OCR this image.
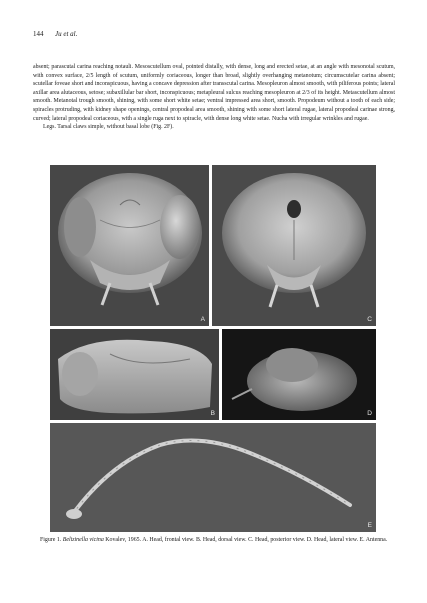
144 Ju et al.

absent; parascutal carina reaching notauli. Mesoscutellum oval, pointed distally, with dense, long and erected setae, at an angle with mesonotal scutum, with convex surface, 2/5 length of scutum, uniformly coriaceous, longer than broad, slightly overhanging metanotum; circumscutelar carina absent; scutellar foveae short and inconspicuous, having a concave depression after transscutal carina. Mesopleuron almost smooth, with piliferous points; lateral axillar area alutaceous, setose; subaxillular bar short, inconspicuous; metapleural sulcus reaching mesopleuron at 2/3 of its height. Metascutellum almost smooth. Metanotal trough smooth, shining, with some short white setae; ventral impressed area short, smooth. Propodeum without a tooth of each side; spiracles protruding, with kidney shape openings, central propodeal area smooth, shining with some short lateral rugae, lateral propodeal carinae strong, curved; lateral propodeal coriaceous, with a single ruga next to spiracle, with dense long white setae. Nucha with irregular wrinkles and rugae.

Legs. Tarsal claws simple, without basal lobe (Fig. 2F).

A	C
B	D
E
Figure 1. Belizinella vicina Kovalev, 1965. A. Head, frontal view. B. Head, dorsal view. C. Head, posterior view. D. Head, lateral view. E. Antenna.
